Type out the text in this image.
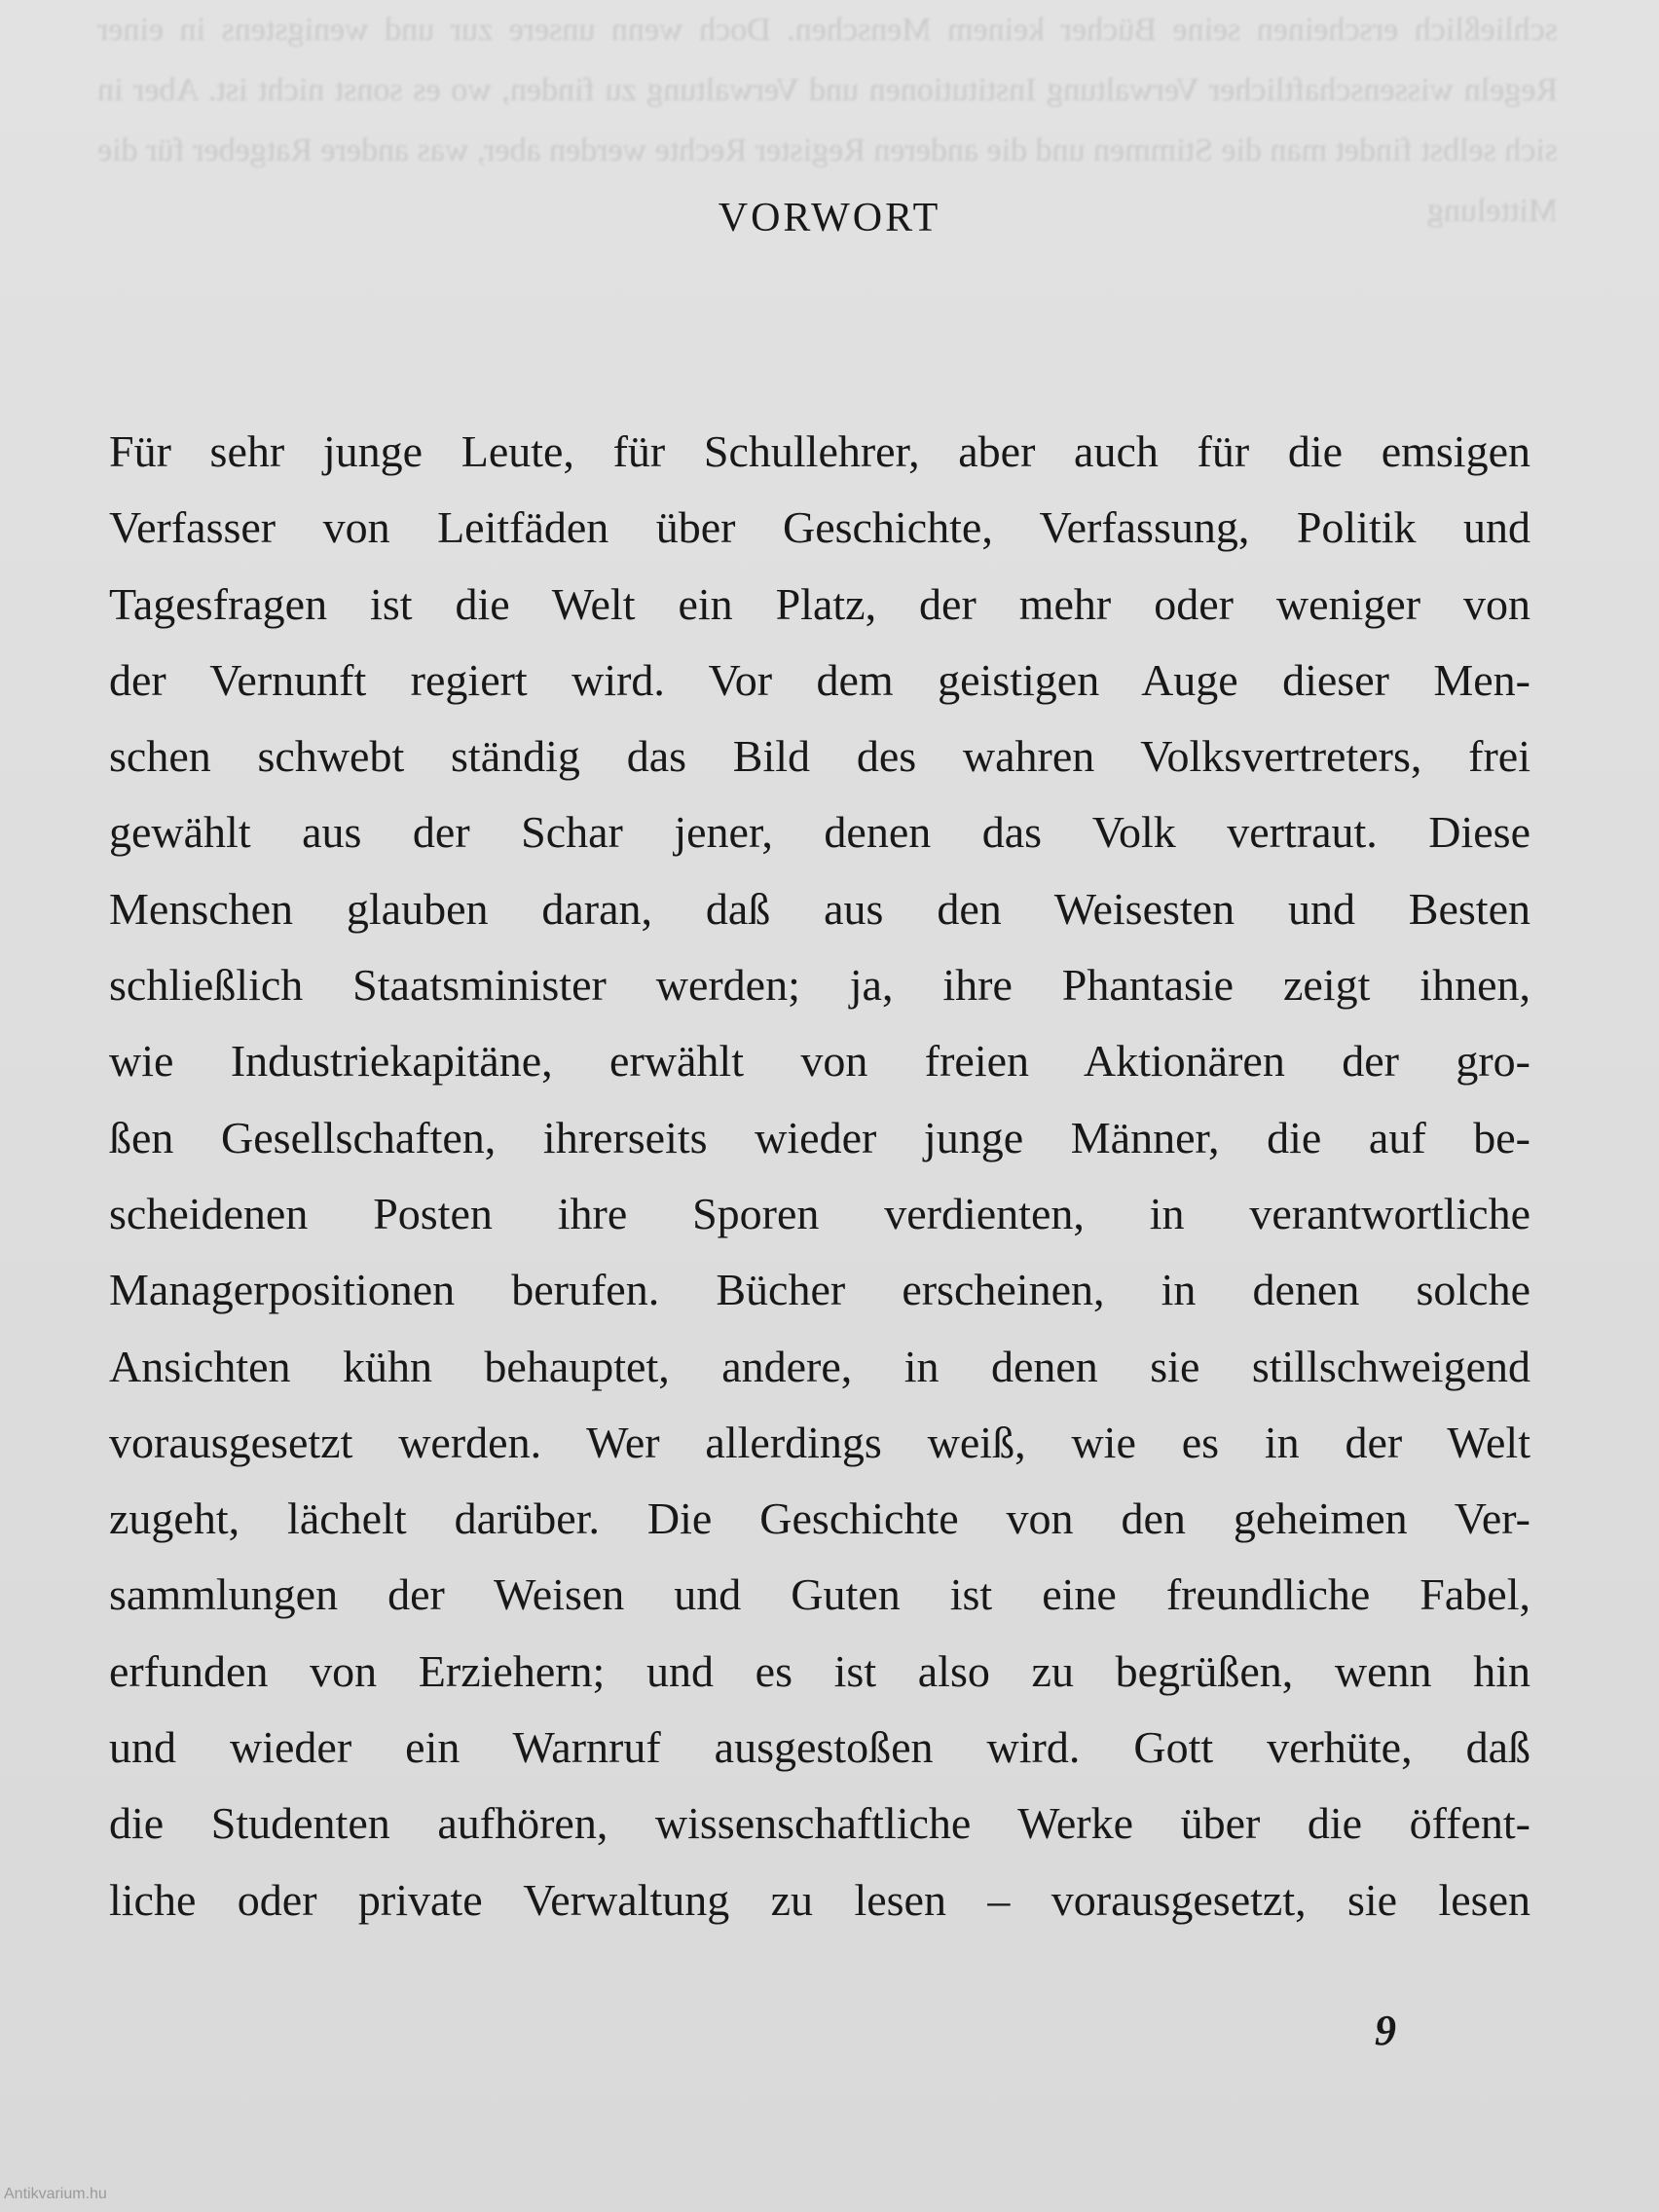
schließlich erscheinen seine Bücher keinem Menschen. Doch wenn unsere zur und wenigstens in einer Regeln wissenschaftlicher Verwaltung Institutionen und Verwaltung zu finden, wo es sonst nicht ist. Aber in sich selbst findet man die Stimmen und die anderen Register Rechte werden aber, was andere Ratgeber für die Mittelung
VORWORT
Für sehr junge Leute, für Schullehrer, aber auch für die emsigen
Verfasser von Leitfäden über Geschichte, Verfassung, Politik und
Tagesfragen ist die Welt ein Platz, der mehr oder weniger von
der Vernunft regiert wird. Vor dem geistigen Auge dieser Men-
schen schwebt ständig das Bild des wahren Volksvertreters, frei
gewählt aus der Schar jener, denen das Volk vertraut. Diese
Menschen glauben daran, daß aus den Weisesten und Besten
schließlich Staatsminister werden; ja, ihre Phantasie zeigt ihnen,
wie Industriekapitäne, erwählt von freien Aktionären der gro-
ßen Gesellschaften, ihrerseits wieder junge Männer, die auf be-
scheidenen Posten ihre Sporen verdienten, in verantwortliche
Managerpositionen berufen. Bücher erscheinen, in denen solche
Ansichten kühn behauptet, andere, in denen sie stillschweigend
vorausgesetzt werden. Wer allerdings weiß, wie es in der Welt
zugeht, lächelt darüber. Die Geschichte von den geheimen Ver-
sammlungen der Weisen und Guten ist eine freundliche Fabel,
erfunden von Erziehern; und es ist also zu begrüßen, wenn hin
und wieder ein Warnruf ausgestoßen wird. Gott verhüte, daß
die Studenten aufhören, wissenschaftliche Werke über die öffent-
liche oder private Verwaltung zu lesen – vorausgesetzt, sie lesen
9
Antikvarium.hu
